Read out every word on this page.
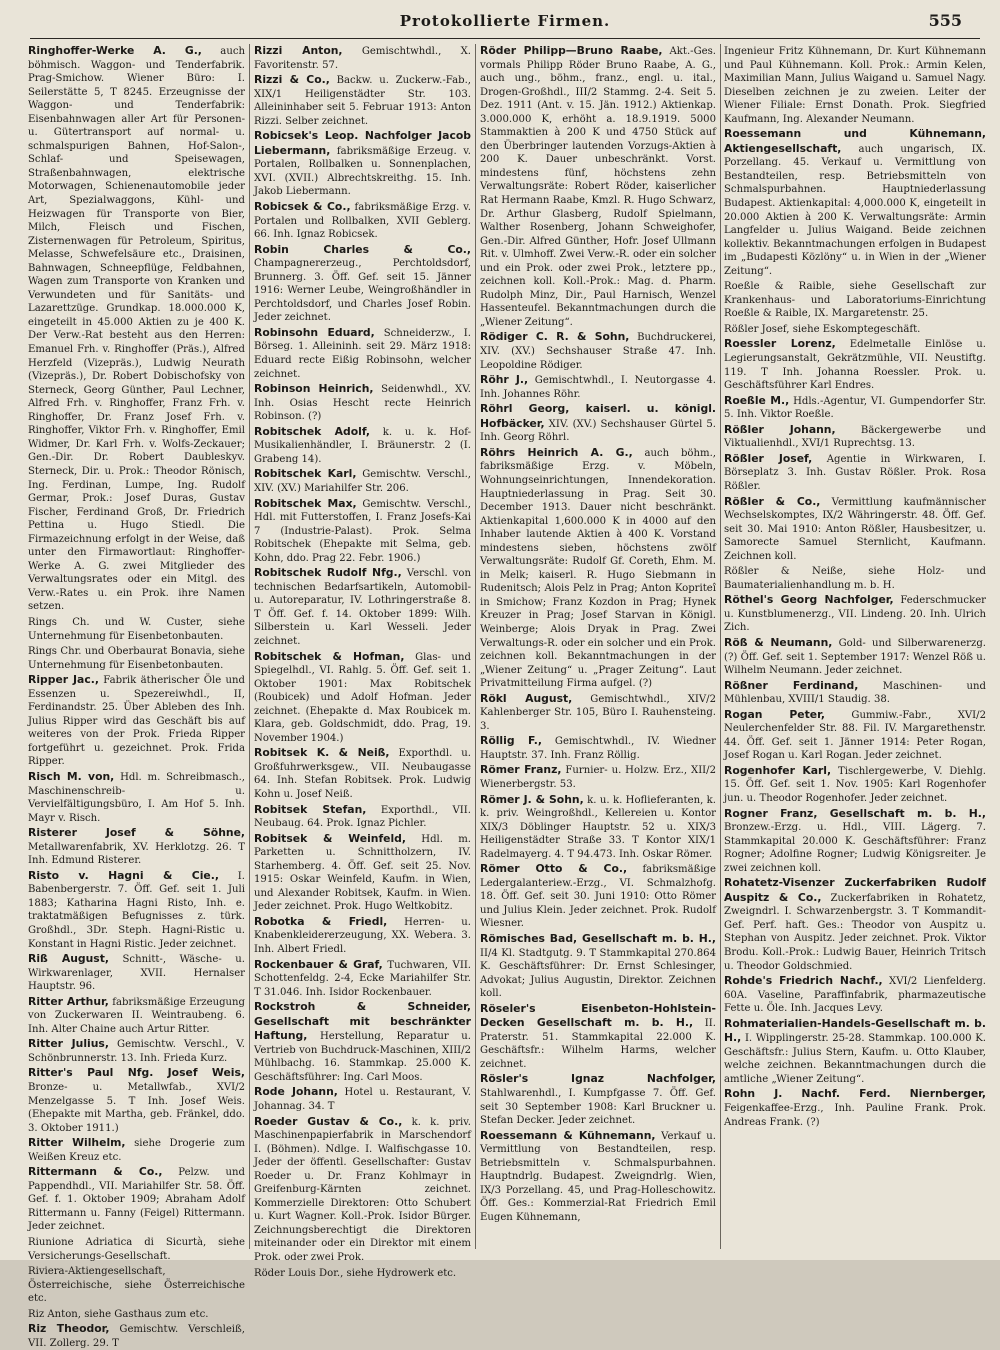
Protokollierte Firmen.	555

Ringhoffer-Werke A. G., auch böhmisch. Waggon- und Tenderfabrik. Prag-Smichow. Wiener Büro: I. Seilerstätte 5, T 8245. Erzeugnisse der Waggon- und Tenderfabrik: Eisenbahnwagen aller Art für Personen- u. Gütertransport auf normal- u. schmalspurigen Bahnen, Hof-Salon-, Schlaf- und Speisewagen, Straßenbahnwagen, elektrische Motorwagen, Schienenautomobile jeder Art, Spezialwaggons, Kühl- und Heizwagen für Transporte von Bier, Milch, Fleisch und Fischen, Zisternenwagen für Petroleum, Spiritus, Melasse, Schwefelsäure etc., Draisinen, Bahnwagen, Schneepflüge, Feldbahnen, Wagen zum Transporte von Kranken und Verwundeten und für Sanitäts- und Lazarettzüge. Grundkap. 18.000.000 K, eingeteilt in 45.000 Aktien zu je 400 K. Der Verw.-Rat besteht aus den Herren: Emanuel Frh. v. Ringhoffer (Präs.), Alfred Herzfeld (Vizepräs.), Ludwig Neurath (Vizepräs.), Dr. Robert Dobischofsky von Sterneck, Georg Günther, Paul Lechner, Alfred Frh. v. Ringhoffer, Franz Frh. v. Ringhoffer, Dr. Franz Josef Frh. v. Ringhoffer, Viktor Frh. v. Ringhoffer, Emil Widmer, Dr. Karl Frh. v. Wolfs-Zeckauer; Gen.-Dir. Dr. Robert Daubleskyv. Sterneck, Dir. u. Prok.: Theodor Rönisch, Ing. Ferdinan, Lumpe, Ing. Rudolf Germar, Prok.: Josef Duras, Gustav Fischer, Ferdinand Groß, Dr. Friedrich Pettina u. Hugo Stiedl. Die Firmazeichnung erfolgt in der Weise, daß unter den Firmawortlaut: Ringhoffer-Werke A. G. zwei Mitglieder des Verwaltungsrates oder ein Mitgl. des Verw.-Rates u. ein Prok. ihre Namen setzen.

Rings Ch. und W. Custer, siehe Unternehmung für Eisenbetonbauten.

Rings Chr. und Oberbaurat Bonavia, siehe Unternehmung für Eisenbetonbauten.

Ripper Jac., Fabrik ätherischer Öle und Essenzen u. Spezereiwhdl., II, Ferdinandstr. 25. Über Ableben des Inh. Julius Ripper wird das Geschäft bis auf weiteres von der Prok. Frieda Ripper fortgeführt u. gezeichnet. Prok. Frida Ripper.

Risch M. von, Hdl. m. Schreibmasch., Maschinenschreib- u. Vervielfältigungsbüro, I. Am Hof 5. Inh. Mayr v. Risch.

Risterer Josef & Söhne, Metallwarenfabrik, XV. Herklotzg. 26. T Inh. Edmund Risterer.

Risto v. Hagni & Cie., I. Babenbergerstr. 7. Öff. Gef. seit 1. Juli 1883; Katharina Hagni Risto, Inh. e. traktatmäßigen Befugnisses z. türk. Großhdl., 3Dr. Steph. Hagni-Ristic u. Konstant in Hagni Ristic. Jeder zeichnet.

Riß August, Schnitt-, Wäsche- u. Wirkwarenlager, XVII. Hernalser Hauptstr. 96.

Ritter Arthur, fabriksmäßige Erzeugung von Zuckerwaren II. Weintraubeng. 6. Inh. Alter Chaine auch Artur Ritter.

Ritter Julius, Gemischtw. Verschl., V. Schönbrunnerstr. 13. Inh. Frieda Kurz.

Ritter's Paul Nfg. Josef Weis, Bronze- u. Metallwfab., XVI/2 Menzelgasse 5. T Inh. Josef Weis. (Ehepakte mit Martha, geb. Fränkel, ddo. 3. Oktober 1911.)

Ritter Wilhelm, siehe Drogerie zum Weißen Kreuz etc.

Rittermann & Co., Pelzw. und Pappendhdl., VII. Mariahilfer Str. 58. Öff. Gef. f. 1. Oktober 1909; Abraham Adolf Rittermann u. Fanny (Feigel) Rittermann. Jeder zeichnet.

Riunione Adriatica di Sicurtà, siehe Versicherungs-Gesellschaft.

Riviera-Aktiengesellschaft, Österreichische, siehe Österreichische etc.

Riz Anton, siehe Gasthaus zum etc.

Riz Theodor, Gemischtw. Verschleiß, VII. Zollerg. 29. T

Rizzi Anton, Gemischtwhdl., X. Favoritenstr. 57.

Rizzi & Co., Backw. u. Zuckerw.-Fab., XIX/1 Heiligenstädter Str. 103. Alleininhaber seit 5. Februar 1913: Anton Rizzi. Selber zeichnet.

Robicsek's Leop. Nachfolger Jacob Liebermann, fabriksmäßige Erzeug. v. Portalen, Rollbalken u. Sonnenplachen, XVI. (XVII.) Albrechtskreithg. 15. Inh. Jakob Liebermann.

Robicsek & Co., fabriksmäßige Erzg. v. Portalen und Rollbalken, XVII Geblerg. 66. Inh. Ignaz Robicsek.

Robin Charles & Co., Champagnererzeug., Perchtoldsdorf, Brunnerg. 3. Öff. Gef. seit 15. Jänner 1916: Werner Leube, Weingroßhändler in Perchtoldsdorf, und Charles Josef Robin. Jeder zeichnet.

Robinsohn Eduard, Schneiderzw., I. Börseg. 1. Alleininh. seit 29. März 1918: Eduard recte Eißig Robinsohn, welcher zeichnet.

Robinson Heinrich, Seidenwhdl., XV. Inh. Osias Hescht recte Heinrich Robinson. (?)

Robitschek Adolf, k. u. k. Hof-Musikalienhändler, I. Bräunerstr. 2 (I. Grabeng 14).

Robitschek Karl, Gemischtw. Verschl., XIV. (XV.) Mariahilfer Str. 206.

Robitschek Max, Gemischtw. Verschl., Hdl. mit Futterstoffen, I. Franz Josefs-Kai 7 (Industrie-Palast). Prok. Selma Robitschek (Ehepakte mit Selma, geb. Kohn, ddo. Prag 22. Febr. 1906.)

Robitschek Rudolf Nfg., Verschl. von technischen Bedarfsartikeln, Automobil- u. Autoreparatur, IV. Lothringerstraße 8. T Öff. Gef. f. 14. Oktober 1899: Wilh. Silberstein u. Karl Wesseli. Jeder zeichnet.

Robitschek & Hofman, Glas- und Spiegelhdl., VI. Rahlg. 5. Öff. Gef. seit 1. Oktober 1901: Max Robitschek (Roubicek) und Adolf Hofman. Jeder zeichnet. (Ehepakte d. Max Roubicek m. Klara, geb. Goldschmidt, ddo. Prag, 19. November 1904.)

Robitsek K. & Neiß, Exporthdl. u. Großfuhrwerksgew., VII. Neubaugasse 64. Inh. Stefan Robitsek. Prok. Ludwig Kohn u. Josef Neiß.

Robitsek Stefan, Exporthdl., VII. Neubaug. 64. Prok. Ignaz Pichler.

Robitsek & Weinfeld, Hdl. m. Parketten u. Schnittholzern, IV. Starhemberg. 4. Öff. Gef. seit 25. Nov. 1915: Oskar Weinfeld, Kaufm. in Wien, und Alexander Robitsek, Kaufm. in Wien. Jeder zeichnet. Prok. Hugo Weltkobitz.

Robotka & Friedl, Herren- u. Knabenkleidererzeugung, XX. Webera. 3. Inh. Albert Friedl.

Rockenbauer & Graf, Tuchwaren, VII. Schottenfeldg. 2-4, Ecke Mariahilfer Str. T 31.046. Inh. Isidor Rockenbauer.

Rockstroh & Schneider, Gesellschaft mit beschränkter Haftung, Herstellung, Reparatur u. Vertrieb von Buchdruck-Maschinen, XIII/2 Mühlbachg. 16. Stammkap. 25.000 K. Geschäftsführer: Ing. Carl Moos.

Rode Johann, Hotel u. Restaurant, V. Johannag. 34. T

Roeder Gustav & Co., k. k. priv. Maschinenpapierfabrik in Marschendorf I. (Böhmen). Ndlge. I. Walfischgasse 10. Jeder der öffentl. Gesellschafter: Gustav Roeder u. Dr. Franz Kohlmayr in Greifenburg-Kärnten zeichnet. Kommerzielle Direktoren: Otto Schubert u. Kurt Wagner. Koll.-Prok. Isidor Bürger. Zeichnungsberechtigt die Direktoren miteinander oder ein Direktor mit einem Prok. oder zwei Prok.

Röder Louis Dor., siehe Hydrowerk etc.

Röder Philipp—Bruno Raabe, Akt.-Ges. vormals Philipp Röder Bruno Raabe, A. G., auch ung., böhm., franz., engl. u. ital., Drogen-Großhdl., III/2 Stammg. 2-4. Seit 5. Dez. 1911 (Ant. v. 15. Jän. 1912.) Aktienkap. 3.000.000 K, erhöht a. 18.9.1919. 5000 Stammaktien à 200 K und 4750 Stück auf den Überbringer lautenden Vorzugs-Aktien à 200 K. Dauer unbeschränkt. Vorst. mindestens fünf, höchstens zehn Verwaltungsräte: Robert Röder, kaiserlicher Rat Hermann Raabe, Kmzl. R. Hugo Schwarz, Dr. Arthur Glasberg, Rudolf Spielmann, Walther Rosenberg, Johann Schweighofer, Gen.-Dir. Alfred Günther, Hofr. Josef Ullmann Rit. v. Ulmhoff. Zwei Verw.-R. oder ein solcher und ein Prok. oder zwei Prok., letztere pp., zeichnen koll. Koll.-Prok.: Mag. d. Pharm. Rudolph Minz, Dir., Paul Harnisch, Wenzel Hassenteufel. Bekanntmachungen durch die „Wiener Zeitung“.

Rödiger C. R. & Sohn, Buchdruckerei, XIV. (XV.) Sechshauser Straße 47. Inh. Leopoldine Rödiger.

Röhr J., Gemischtwhdl., I. Neutorgasse 4. Inh. Johannes Röhr.

Röhrl Georg, kaiserl. u. königl. Hofbäcker, XIV. (XV.) Sechshauser Gürtel 5. Inh. Georg Röhrl.

Röhrs Heinrich A. G., auch böhm., fabriksmäßige Erzg. v. Möbeln, Wohnungseinrichtungen, Innendekoration. Hauptniederlassung in Prag. Seit 30. December 1913. Dauer nicht beschränkt. Aktienkapital 1,600.000 K in 4000 auf den Inhaber lautende Aktien à 400 K. Vorstand mindestens sieben, höchstens zwölf Verwaltungsräte: Rudolf Gf. Coreth, Ehm. M. in Melk; kaiserl. R. Hugo Siebmann in Rudenitsch; Alois Pelz in Prag; Anton Kopriteî in Smichow; Franz Kozdon in Prag; Hynek Kreuzer in Prag; Josef Starvan in Königl. Weinberge; Alois Dryak in Prag. Zwei Verwaltungs-R. oder ein solcher und ein Prok. zeichnen koll. Bekanntmachungen in der „Wiener Zeitung“ u. „Prager Zeitung“. Laut Privatmitteilung Firma aufgel. (?)

Rökl August, Gemischtwhdl., XIV/2 Kahlenberger Str. 105, Büro I. Rauhensteing. 3.

Röllig F., Gemischtwhdl., IV. Wiedner Hauptstr. 37. Inh. Franz Röllig.

Römer Franz, Furnier- u. Holzw. Erz., XII/2 Wienerbergstr. 53.

Römer J. & Sohn, k. u. k. Hoflieferanten, k. k. priv. Weingroßhdl., Kellereien u. Kontor XIX/3 Döblinger Hauptstr. 52 u. XIX/3 Heiligenstädter Straße 33. T Kontor XIX/1 Radelmayerg. 4. T 94.473. Inh. Oskar Römer.

Römer Otto & Co., fabriksmäßige Ledergalanteriew.-Erzg., VI. Schmalzhofg. 18. Öff. Gef. seit 30. Juni 1910: Otto Römer und Julius Klein. Jeder zeichnet. Prok. Rudolf Wiesner.

Römisches Bad, Gesellschaft m. b. H., II/4 Kl. Stadtgutg. 9. T Stammkapital 270.864 K. Geschäftsführer: Dr. Ernst Schlesinger, Advokat; Julius Augustin, Direktor. Zeichnen koll.

Röseler's Eisenbeton-Hohlstein-Decken Gesellschaft m. b. H., II. Praterstr. 51. Stammkapital 22.000 K. Geschäftsfr.: Wilhelm Harms, welcher zeichnet.

Rösler's Ignaz Nachfolger, Stahlwarenhdl., I. Kumpfgasse 7. Öff. Gef. seit 30 September 1908: Karl Bruckner u. Stefan Decker. Jeder zeichnet.

Roessemann & Kühnemann, Verkauf u. Vermittlung von Bestandteilen, resp. Betriebsmitteln v. Schmalspurbahnen. Hauptndrlg. Budapest. Zweigndrlg. Wien, IX/3 Porzellang. 45, und Prag-Holleschowitz. Öff. Ges.: Kommerzial-Rat Friedrich Emil Eugen Kühnemann,

Ingenieur Fritz Kühnemann, Dr. Kurt Kühnemann und Paul Kühnemann. Koll. Prok.: Armin Kelen, Maximilian Mann, Julius Waigand u. Samuel Nagy. Dieselben zeichnen je zu zweien. Leiter der Wiener Filiale: Ernst Donath. Prok. Siegfried Kaufmann, Ing. Alexander Neumann.

Roessemann und Kühnemann, Aktiengesellschaft, auch ungarisch, IX. Porzellang. 45. Verkauf u. Vermittlung von Bestandteilen, resp. Betriebsmitteln von Schmalspurbahnen. Hauptniederlassung Budapest. Aktienkapital: 4,000.000 K, eingeteilt in 20.000 Aktien à 200 K. Verwaltungsräte: Armin Langfelder u. Julius Waigand. Beide zeichnen kollektiv. Bekanntmachungen erfolgen in Budapest im „Budapesti Közlöny“ u. in Wien in der „Wiener Zeitung“.

Roeßle & Raible, siehe Gesellschaft zur Krankenhaus- und Laboratoriums-Einrichtung Roeßle & Raible, IX. Margaretenstr. 25.

Rößler Josef, siehe Eskomptegeschäft.

Roessler Lorenz, Edelmetalle Einlöse u. Legierungsanstalt, Gekrätzmühle, VII. Neustiftg. 119. T Inh. Johanna Roessler. Prok. u. Geschäftsführer Karl Endres.

Roeßle M., Hdls.-Agentur, VI. Gumpendorfer Str. 5. Inh. Viktor Roeßle.

Rößler Johann,	Bäckergewerbe und Viktualienhdl., XVI/1 Ruprechtsg. 13.

Rößler Josef, Agentie in Wirkwaren, I. Börseplatz 3. Inh. Gustav Rößler. Prok. Rosa Rößler.

Rößler & Co., Vermittlung kaufmännischer Wechselskomptes, IX/2 Währingerstr. 48. Öff. Gef. seit 30. Mai 1910: Anton Rößler, Hausbesitzer, u. Samorecte Samuel Sternlicht, Kaufmann. Zeichnen koll.

Rößler & Neiße, siehe Holz- und Baumaterialienhandlung m. b. H.

Röthel's Georg Nachfolger, Federschmucker u. Kunstblumenerzg., VII. Lindeng. 20. Inh. Ulrich Zich.

Röß & Neumann, Gold- und Silberwarenerzg. (?) Öff. Gef. seit 1. September 1917: Wenzel Röß u. Wilhelm Neumann. Jeder zeichnet.

Rößner Ferdinand, Maschinen- und Mühlenbau, XVIII/1 Staudig. 38.

Rogan Peter,	Gummiw.-Fabr., XVI/2 Neulerchenfelder Str. 88. Fil. IV. Margarethenstr. 44. Öff. Gef. seit 1. Jänner 1914: Peter Rogan, Josef Rogan u. Karl Rogan. Jeder zeichnet.

Rogenhofer Karl, Tischlergewerbe, V. Diehlg. 15. Öff. Gef. seit 1. Nov. 1905: Karl Rogenhofer jun. u. Theodor Rogenhofer. Jeder zeichnet.

Rogner Franz, Gesellschaft m. b. H., Bronzew.-Erzg. u. Hdl., VIII. Lägerg. 7. Stammkapital 20.000 K. Geschäftsführer: Franz Rogner; Adolfine Rogner; Ludwig Königsreiter. Je zwei zeichnen koll.

Rohatetz-Visenzer Zuckerfabriken Rudolf Auspitz & Co., Zuckerfabriken in Rohatetz, Zweigndrl. I. Schwarzenbergstr. 3. T Kommandit-Gef. Perf. haft. Ges.: Theodor von Auspitz u. Stephan von Auspitz. Jeder zeichnet. Prok. Viktor Brodu. Koll.-Prok.: Ludwig Bauer, Heinrich Tritsch u. Theodor Goldschmied.

Rohde's Friedrich Nachf., XVI/2 Lienfelderg. 60A. Vaseline, Paraffinfabrik, pharmazeutische Fette u. Öle. Inh. Jacques Levy.

Rohmaterialien-Handels-Gesellschaft m. b. H., I. Wipplingerstr. 25-28. Stammkap. 100.000 K. Geschäftsfr.: Julius Stern, Kaufm. u. Otto Klauber, welche zeichnen. Bekanntmachungen durch die amtliche „Wiener Zeitung“.

Rohn J. Nachf. Ferd. Niernberger, Feigenkaffee-Erzg., Inh. Pauline Frank. Prok. Andreas Frank. (?)
